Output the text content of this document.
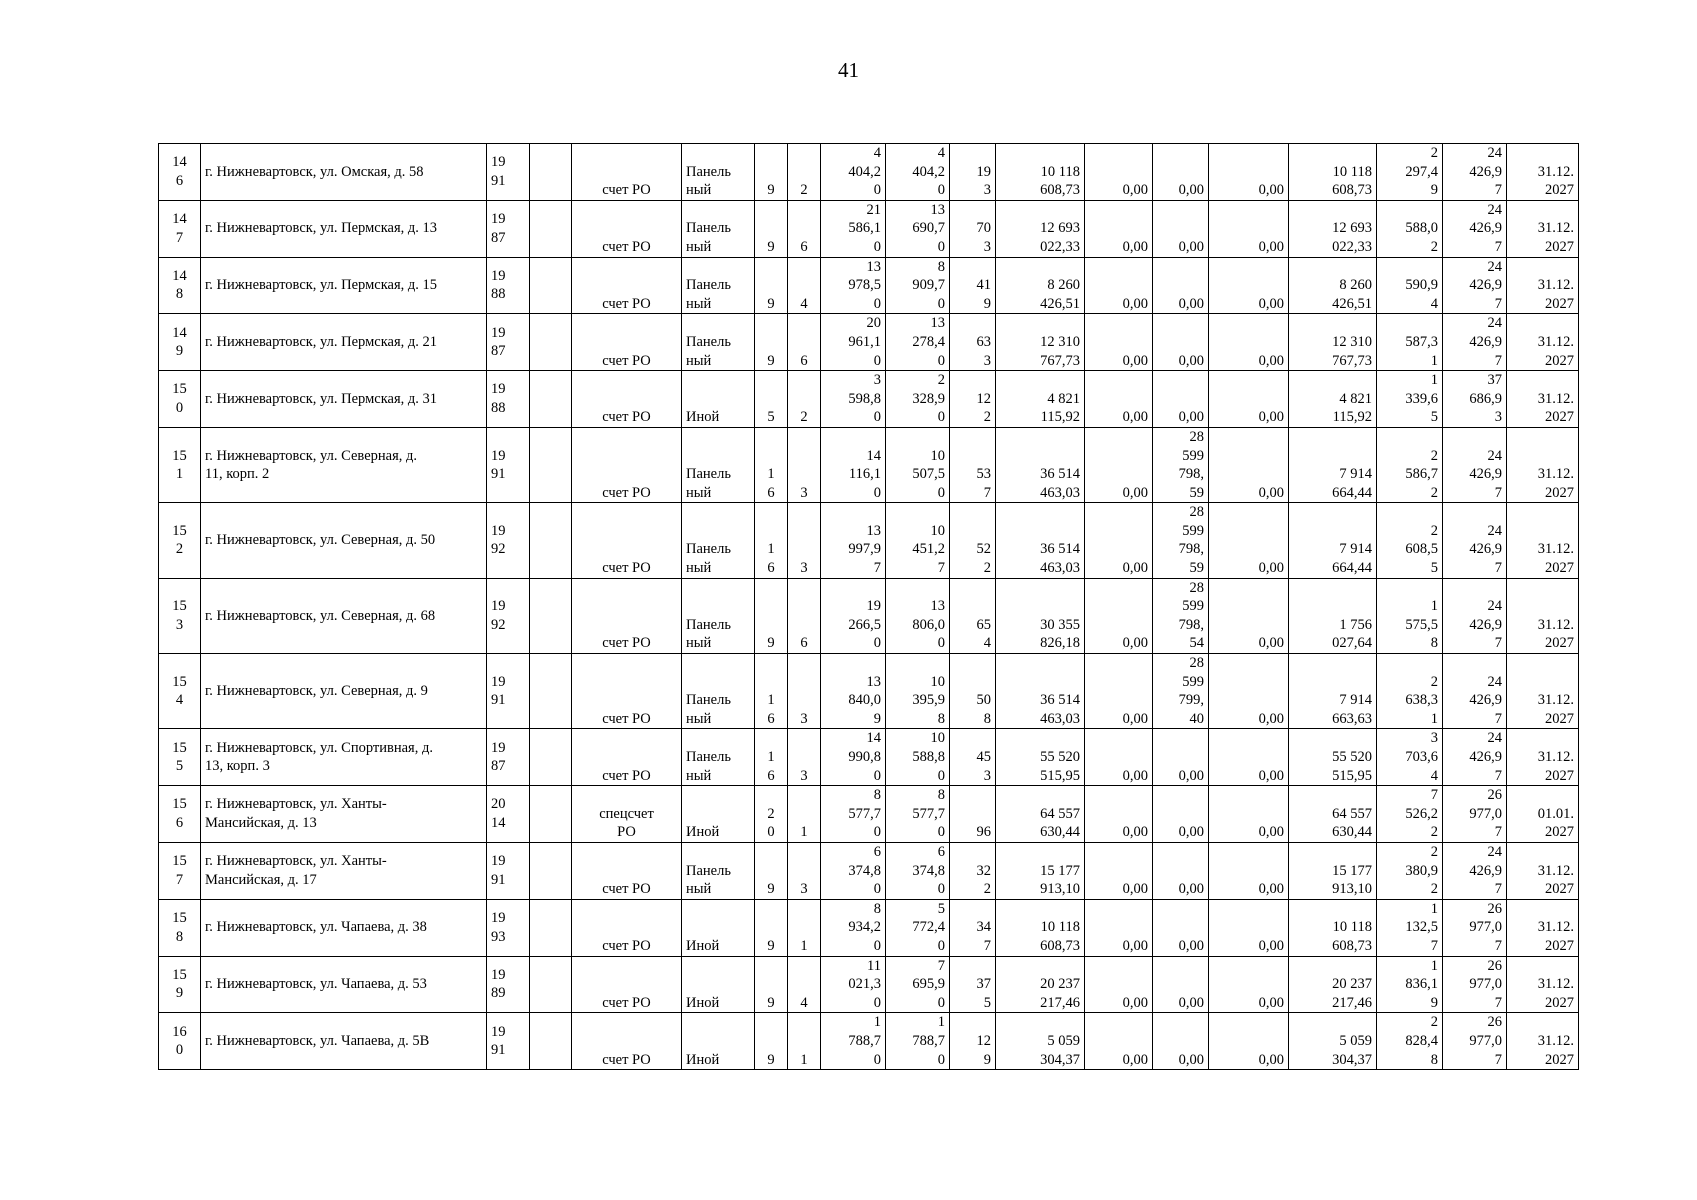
41
14
6	г. Нижневартовск, ул. Омская, д. 58	19
91		счет РО	Панель
ный	9	2	4
404,2
0	4
404,2
0	19
3	10 118
608,73	0,00	0,00	0,00	10 118
608,73	2
297,4
9	24
426,9
7	31.12.
2027
14
7	г. Нижневартовск, ул. Пермская, д. 13	19
87		счет РО	Панель
ный	9	6	21
586,1
0	13
690,7
0	70
3	12 693
022,33	0,00	0,00	0,00	12 693
022,33	588,0
2	24
426,9
7	31.12.
2027
14
8	г. Нижневартовск, ул. Пермская, д. 15	19
88		счет РО	Панель
ный	9	4	13
978,5
0	8
909,7
0	41
9	8 260
426,51	0,00	0,00	0,00	8 260
426,51	590,9
4	24
426,9
7	31.12.
2027
14
9	г. Нижневартовск, ул. Пермская, д. 21	19
87		счет РО	Панель
ный	9	6	20
961,1
0	13
278,4
0	63
3	12 310
767,73	0,00	0,00	0,00	12 310
767,73	587,3
1	24
426,9
7	31.12.
2027
15
0	г. Нижневартовск, ул. Пермская, д. 31	19
88		счет РО	Иной	5	2	3
598,8
0	2
328,9
0	12
2	4 821
115,92	0,00	0,00	0,00	4 821
115,92	1
339,6
5	37
686,9
3	31.12.
2027
15
1	г. Нижневартовск, ул. Северная, д.
11, корп. 2	19
91		счет РО	Панель
ный	1
6	3	14
116,1
0	10
507,5
0	53
7	36 514
463,03	0,00	28
599
798,
59	0,00	7 914
664,44	2
586,7
2	24
426,9
7	31.12.
2027
15
2	г. Нижневартовск, ул. Северная, д. 50	19
92		счет РО	Панель
ный	1
6	3	13
997,9
7	10
451,2
7	52
2	36 514
463,03	0,00	28
599
798,
59	0,00	7 914
664,44	2
608,5
5	24
426,9
7	31.12.
2027
15
3	г. Нижневартовск, ул. Северная, д. 68	19
92		счет РО	Панель
ный	9	6	19
266,5
0	13
806,0
0	65
4	30 355
826,18	0,00	28
599
798,
54	0,00	1 756
027,64	1
575,5
8	24
426,9
7	31.12.
2027
15
4	г. Нижневартовск, ул. Северная, д. 9	19
91		счет РО	Панель
ный	1
6	3	13
840,0
9	10
395,9
8	50
8	36 514
463,03	0,00	28
599
799,
40	0,00	7 914
663,63	2
638,3
1	24
426,9
7	31.12.
2027
15
5	г. Нижневартовск, ул. Спортивная, д.
13, корп. 3	19
87		счет РО	Панель
ный	1
6	3	14
990,8
0	10
588,8
0	45
3	55 520
515,95	0,00	0,00	0,00	55 520
515,95	3
703,6
4	24
426,9
7	31.12.
2027
15
6	г. Нижневартовск, ул. Ханты-
Мансийская, д. 13	20
14		спецсчет
РО	Иной	2
0	1	8
577,7
0	8
577,7
0	96	64 557
630,44	0,00	0,00	0,00	64 557
630,44	7
526,2
2	26
977,0
7	01.01.
2027
15
7	г. Нижневартовск, ул. Ханты-
Мансийская, д. 17	19
91		счет РО	Панель
ный	9	3	6
374,8
0	6
374,8
0	32
2	15 177
913,10	0,00	0,00	0,00	15 177
913,10	2
380,9
2	24
426,9
7	31.12.
2027
15
8	г. Нижневартовск, ул. Чапаева, д. 38	19
93		счет РО	Иной	9	1	8
934,2
0	5
772,4
0	34
7	10 118
608,73	0,00	0,00	0,00	10 118
608,73	1
132,5
7	26
977,0
7	31.12.
2027
15
9	г. Нижневартовск, ул. Чапаева, д. 53	19
89		счет РО	Иной	9	4	11
021,3
0	7
695,9
0	37
5	20 237
217,46	0,00	0,00	0,00	20 237
217,46	1
836,1
9	26
977,0
7	31.12.
2027
16
0	г. Нижневартовск, ул. Чапаева, д. 5В	19
91		счет РО	Иной	9	1	1
788,7
0	1
788,7
0	12
9	5 059
304,37	0,00	0,00	0,00	5 059
304,37	2
828,4
8	26
977,0
7	31.12.
2027
